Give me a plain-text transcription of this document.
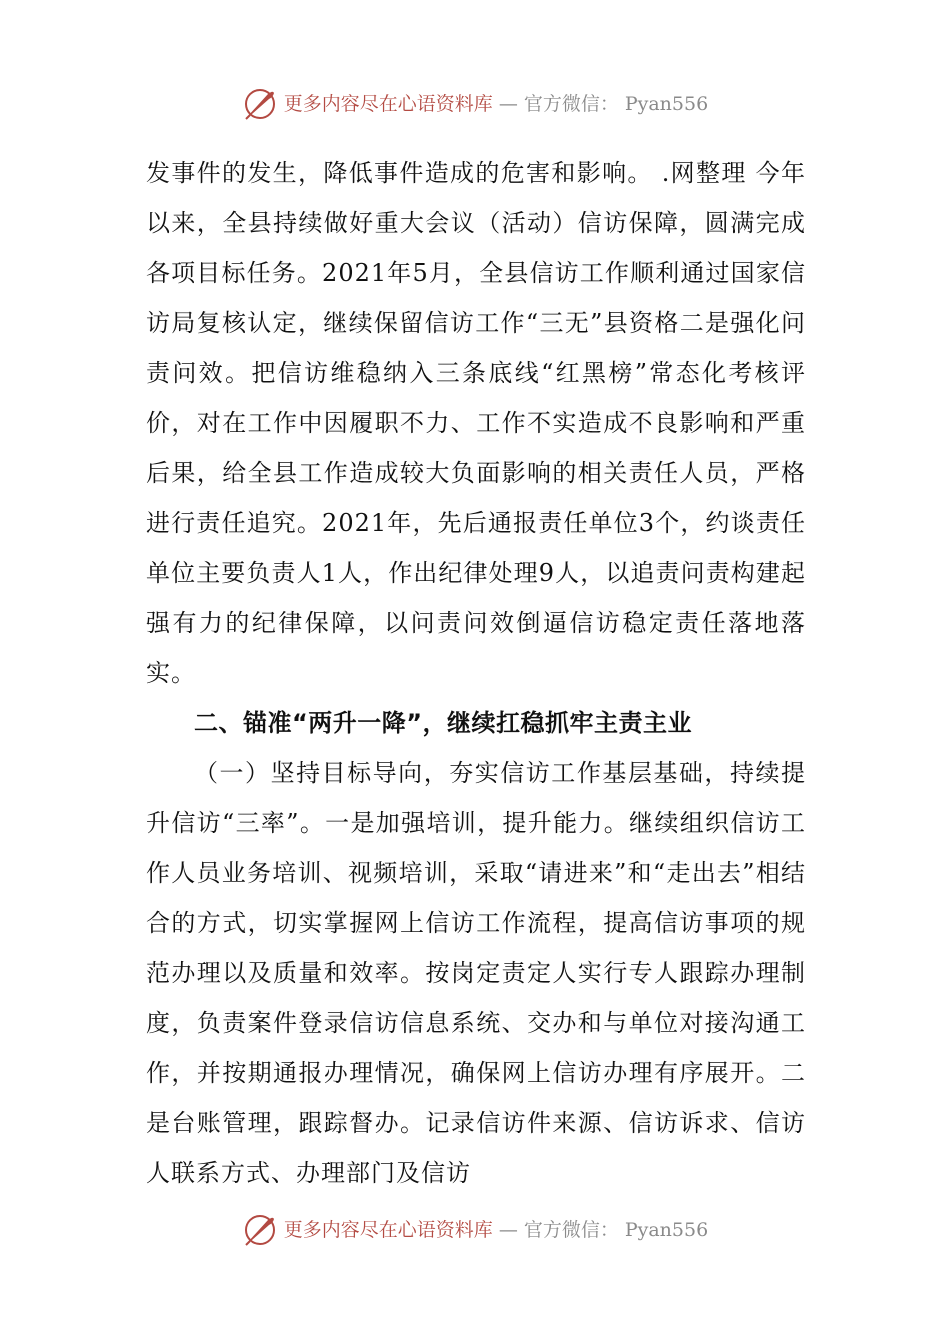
更多内容尽在心语资料库 — 官方微信： Pyan556

发事件的发生，降低事件造成的危害和影响。 .网整理 今年以来，全县持续做好重大会议（活动）信访保障，圆满完成各项目标任务。2021年5月，全县信访工作顺利通过国家信访局复核认定，继续保留信访工作“三无”县资格二是强化问责问效。把信访维稳纳入三条底线“红黑榜”常态化考核评价，对在工作中因履职不力、工作不实造成不良影响和严重后果，给全县工作造成较大负面影响的相关责任人员，严格进行责任追究。2021年，先后通报责任单位3个，约谈责任单位主要负责人1人，作出纪律处理9人，以追责问责构建起强有力的纪律保障，以问责问效倒逼信访稳定责任落地落实。

二、锚准“两升一降”，继续扛稳抓牢主责主业

（一）坚持目标导向，夯实信访工作基层基础，持续提升信访“三率”。一是加强培训，提升能力。继续组织信访工作人员业务培训、视频培训，采取“请进来”和“走出去”相结合的方式，切实掌握网上信访工作流程，提高信访事项的规范办理以及质量和效率。按岗定责定人实行专人跟踪办理制度，负责案件登录信访信息系统、交办和与单位对接沟通工作，并按期通报办理情况，确保网上信访办理有序展开。二是台账管理，跟踪督办。记录信访件来源、信访诉求、信访人联系方式、办理部门及信访

更多内容尽在心语资料库 — 官方微信： Pyan556
